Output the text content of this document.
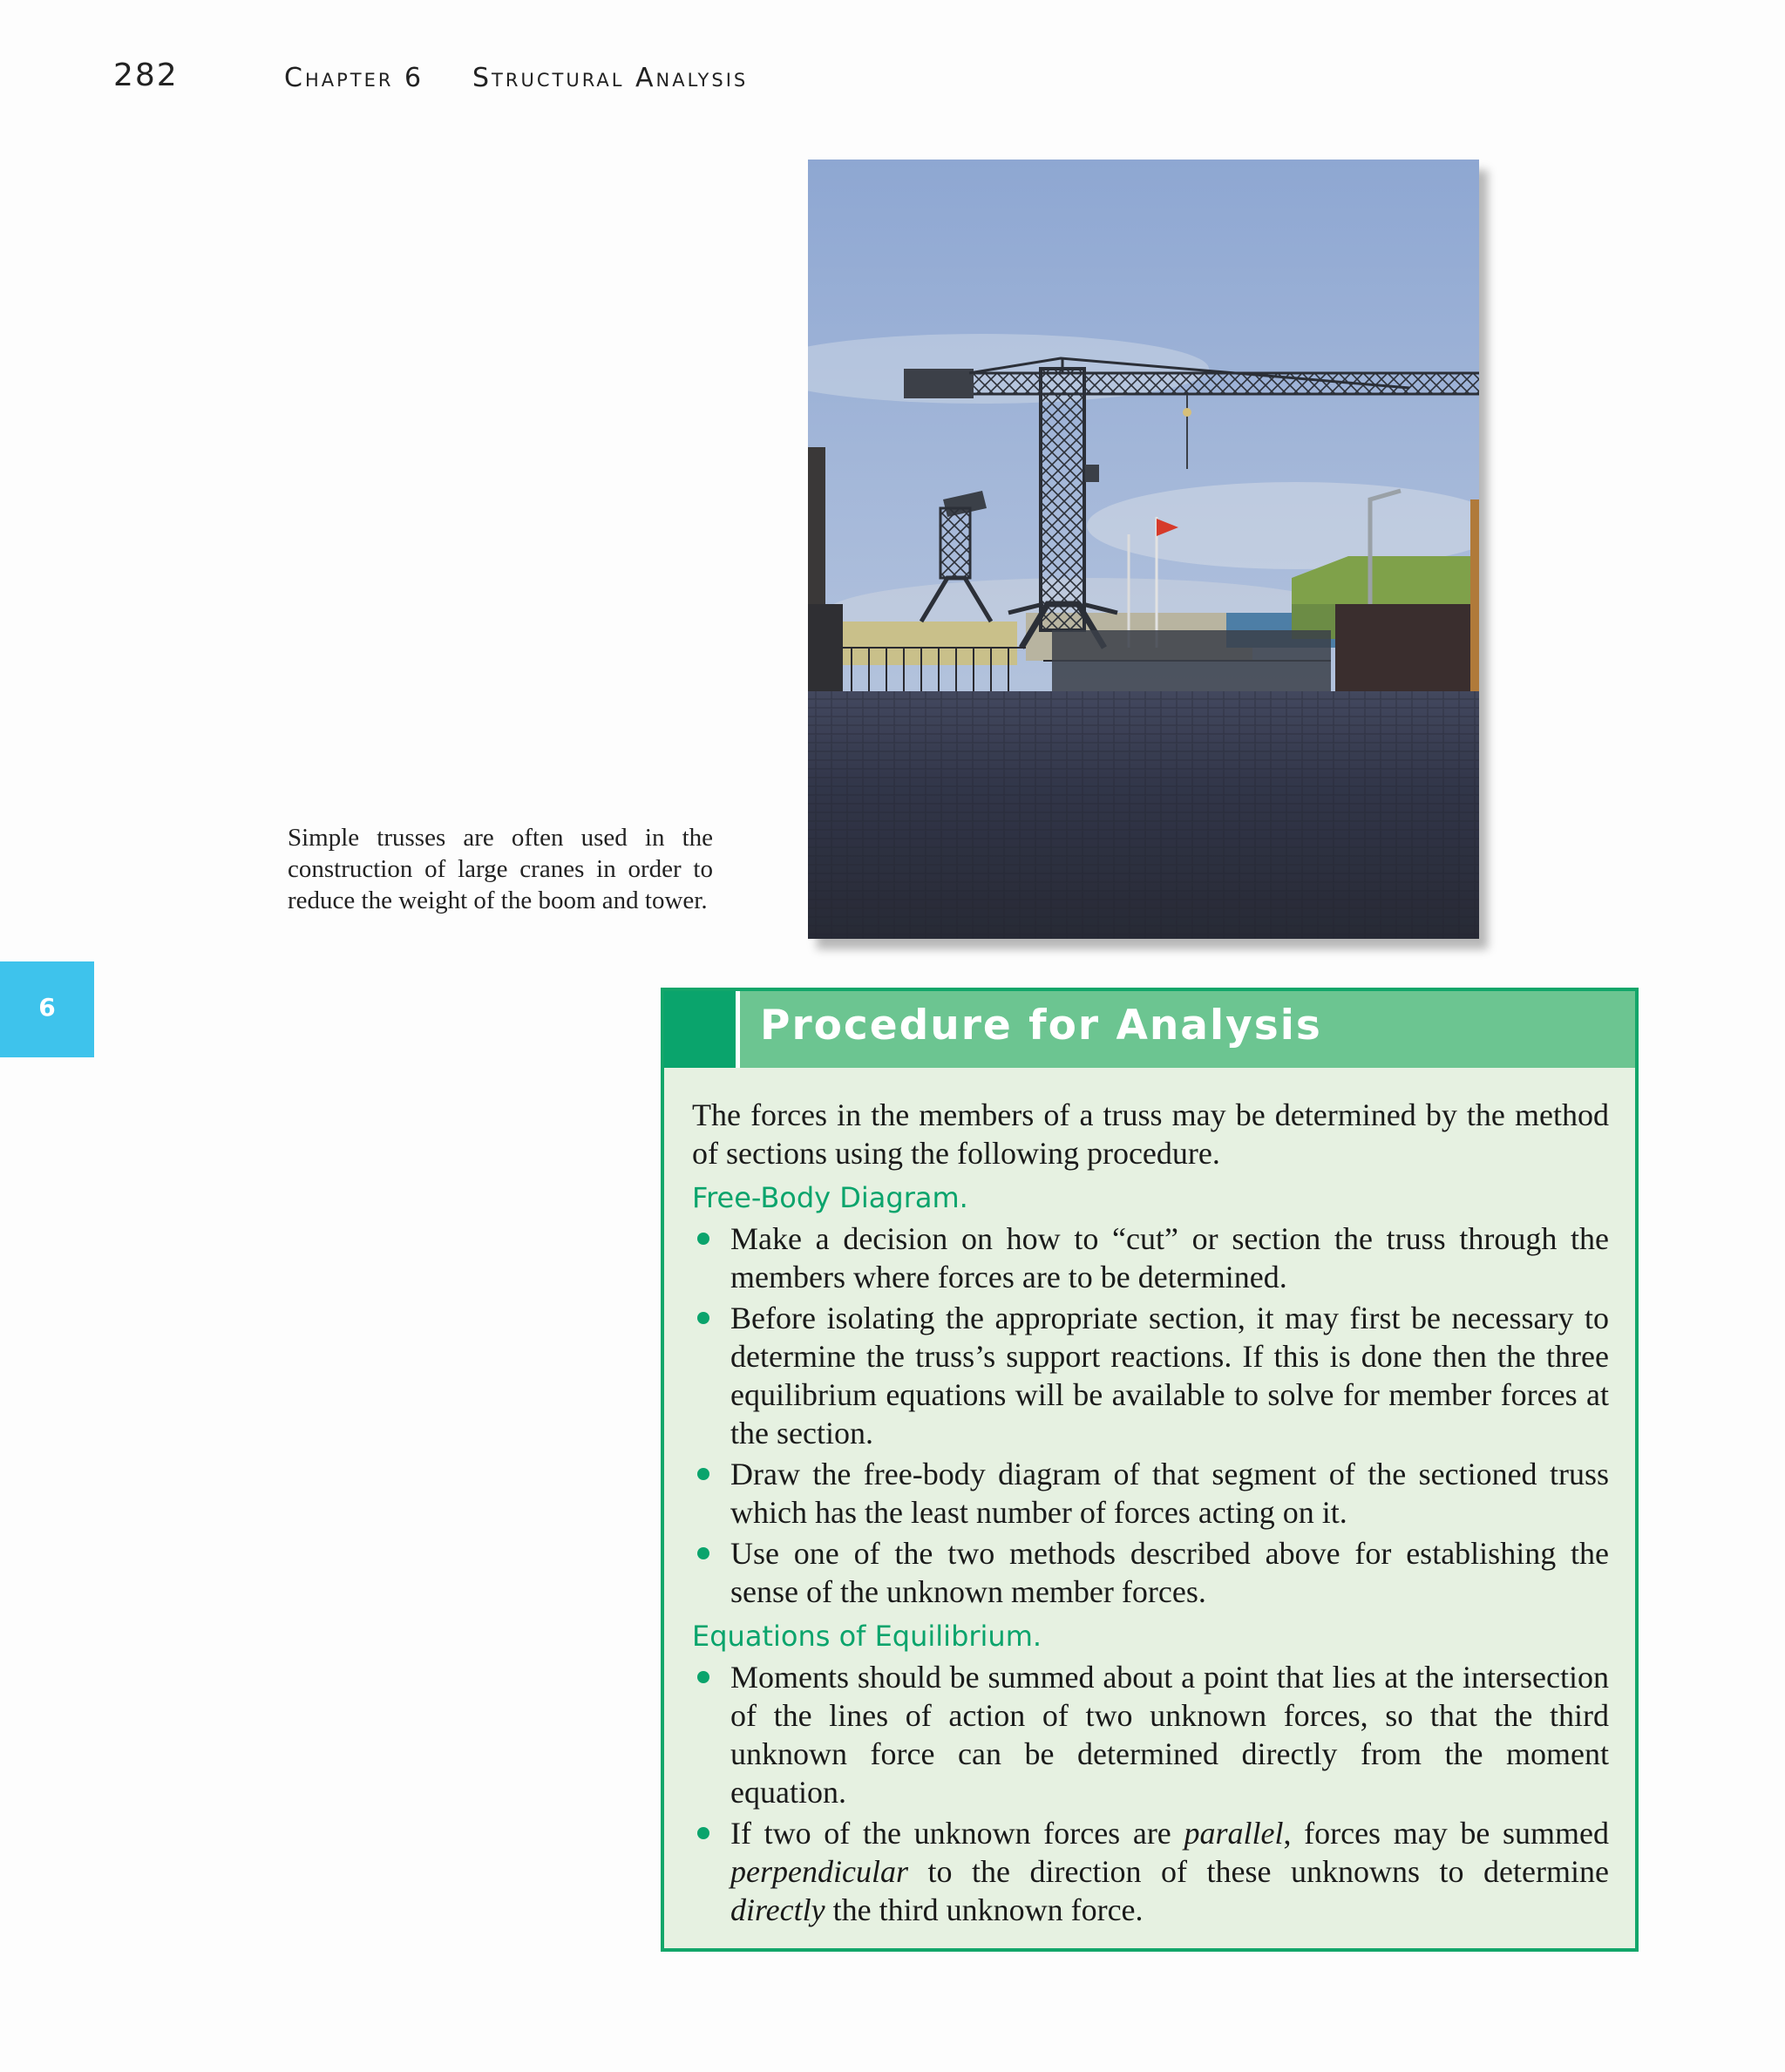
282	Chapter 6 Structural Analysis
6
Simple trusses are often used in the construction of large cranes in order to reduce the weight of the boom and tower.
Procedure for Analysis

The forces in the members of a truss may be determined by the method of sections using the following procedure.

Free-Body Diagram.
Make a decision on how to “cut” or section the truss through the members where forces are to be determined.
Before isolating the appropriate section, it may first be necessary to determine the truss’s support reactions. If this is done then the three equilibrium equations will be available to solve for member forces at the section.
Draw the free-body diagram of that segment of the sectioned truss which has the least number of forces acting on it.
Use one of the two methods described above for establishing the sense of the unknown member forces.
Equations of Equilibrium.
Moments should be summed about a point that lies at the intersection of the lines of action of two unknown forces, so that the third unknown force can be determined directly from the moment equation.
If two of the unknown forces are parallel, forces may be summed perpendicular to the direction of these unknowns to determine directly the third unknown force.
